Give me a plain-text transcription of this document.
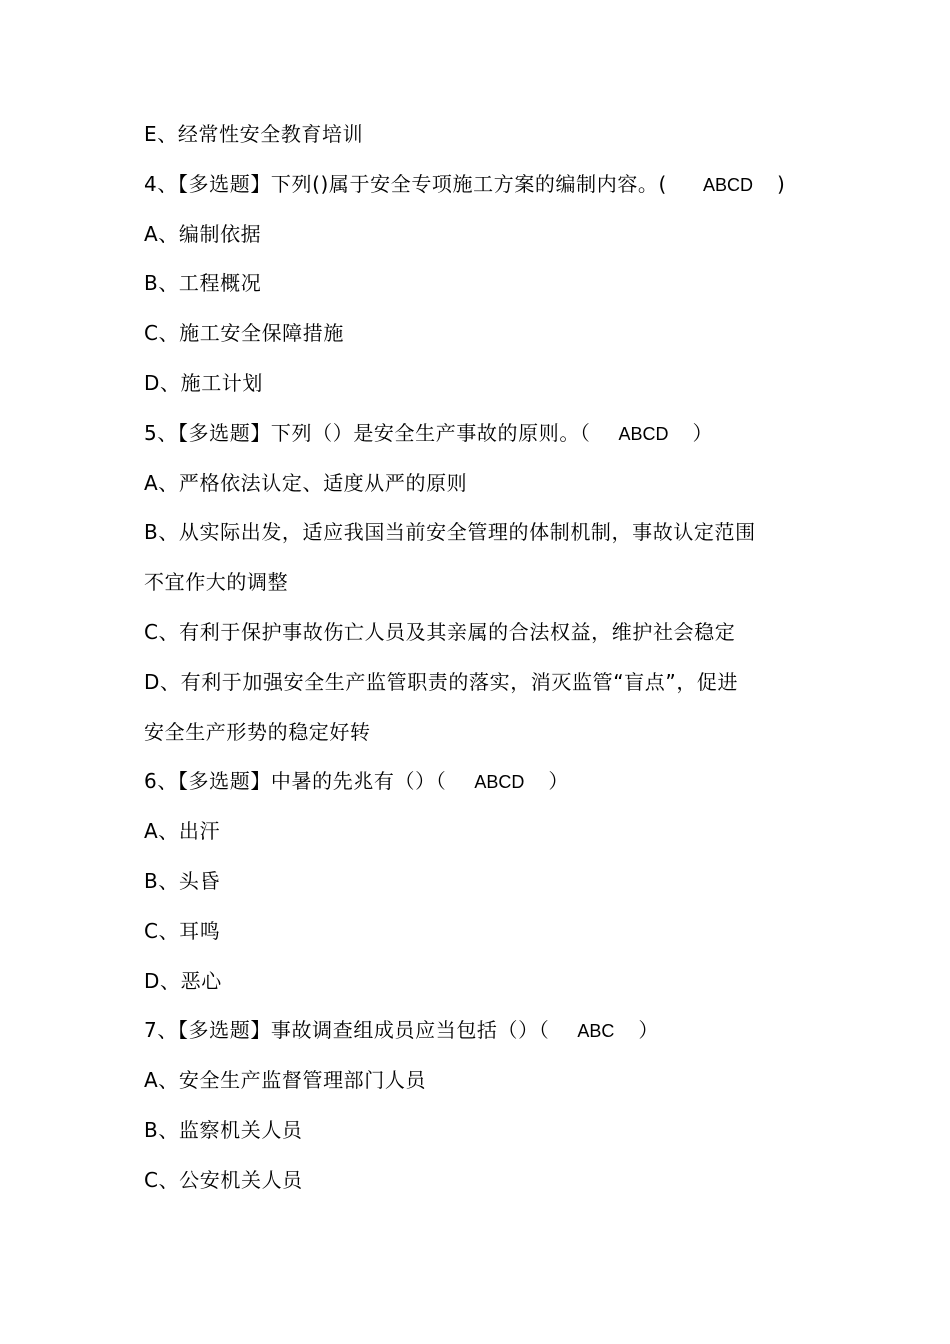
E、经常性安全教育培训
4、【多选题】下列()属于安全专项施工方案的编制内容。( ABCD )
A、编制依据
B、工程概况
C、施工安全保障措施
D、施工计划
5、【多选题】下列（）是安全生产事故的原则。（ ABCD ）
A、严格依法认定、适度从严的原则
B、从实际出发，适应我国当前安全管理的体制机制，事故认定范围
不宜作大的调整
C、有利于保护事故伤亡人员及其亲属的合法权益，维护社会稳定
D、有利于加强安全生产监管职责的落实，消灭监管“盲点”，促进
安全生产形势的稳定好转
6、【多选题】中暑的先兆有（）（ ABCD ）
A、出汗
B、头昏
C、耳鸣
D、恶心
7、【多选题】事故调查组成员应当包括（）（ ABC ）
A、安全生产监督管理部门人员
B、监察机关人员
C、公安机关人员
